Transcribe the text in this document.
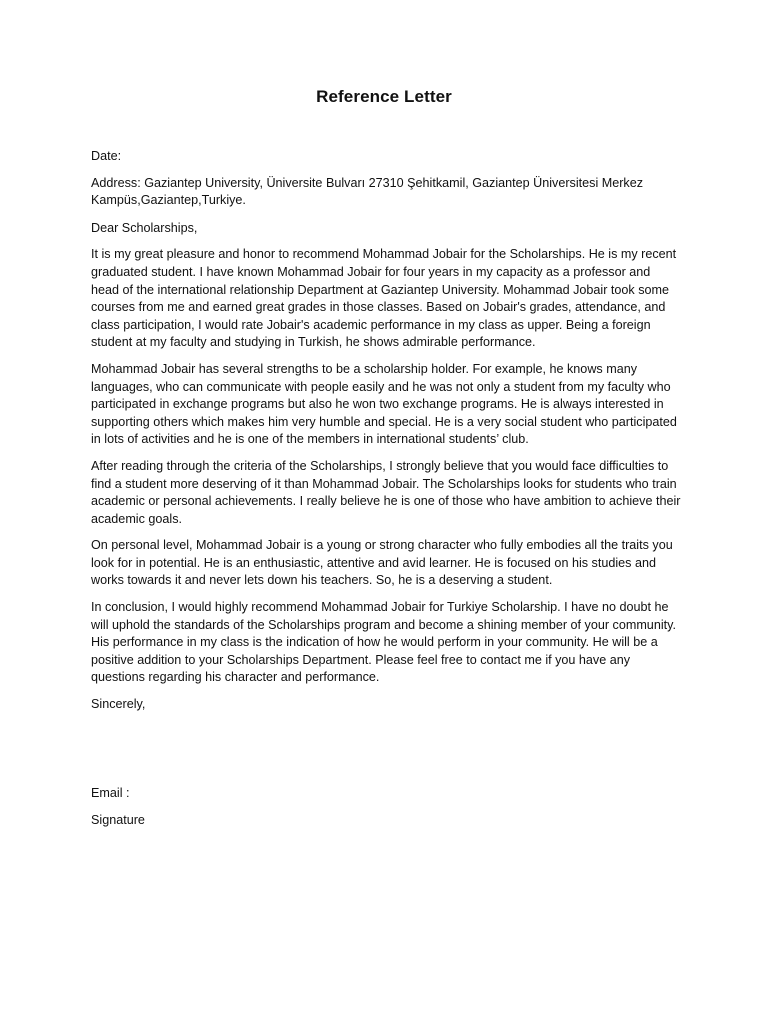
Reference Letter

Date:

Address: Gaziantep University, Üniversite Bulvarı 27310 Şehitkamil, Gaziantep Üniversitesi Merkez Kampüs,Gaziantep,Turkiye.

Dear Scholarships,

It is my great pleasure and honor to recommend Mohammad Jobair for the Scholarships. He is my recent graduated student. I have known Mohammad Jobair for four years in my capacity as a professor and head of the international relationship Department at Gaziantep University. Mohammad Jobair took some courses from me and earned great grades in those classes. Based on Jobair's grades, attendance, and class participation, I would rate Jobair's academic performance in my class as upper. Being a foreign student at my faculty and studying in Turkish, he shows admirable performance.

Mohammad Jobair has several strengths to be a scholarship holder. For example, he knows many languages, who can communicate with people easily and he was not only a student from my faculty who participated in exchange programs but also he won two exchange programs. He is always interested in supporting others which makes him very humble and special. He is a very social student who participated in lots of activities and he is one of the members in international students’ club.

After reading through the criteria of the Scholarships, I strongly believe that you would face difficulties to find a student more deserving of it than Mohammad Jobair. The Scholarships looks for students who train academic or personal achievements. I really believe he is one of those who have ambition to achieve their academic goals.

On personal level, Mohammad Jobair is a young or strong character who fully embodies all the traits you look for in potential. He is an enthusiastic, attentive and avid learner. He is focused on his studies and works towards it and never lets down his teachers. So, he is a deserving a student.

In conclusion, I would highly recommend Mohammad Jobair for Turkiye Scholarship. I have no doubt he will uphold the standards of the Scholarships program and become a shining member of your community. His performance in my class is the indication of how he would perform in your community. He will be a positive addition to your Scholarships Department. Please feel free to contact me if you have any questions regarding his character and performance.

Sincerely,

Email :

Signature
